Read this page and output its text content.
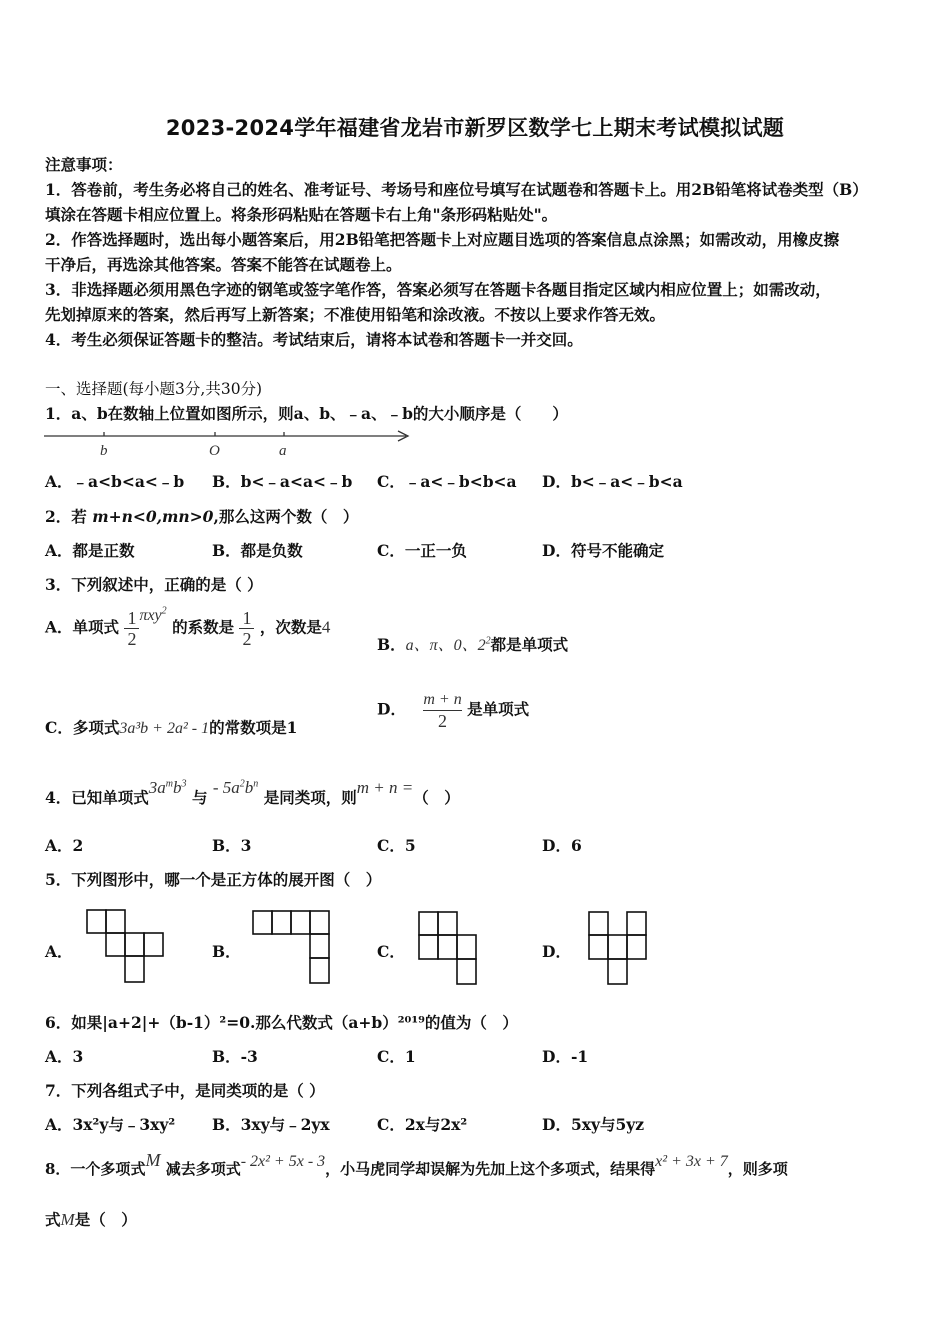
2023-2024学年福建省龙岩市新罗区数学七上期末考试模拟试题
注意事项：
1．答卷前，考生务必将自己的姓名、准考证号、考场号和座位号填写在试题卷和答题卡上。用2B铅笔将试卷类型（B）
填涂在答题卡相应位置上。将条形码粘贴在答题卡右上角"条形码粘贴处"。
2．作答选择题时，选出每小题答案后，用2B铅笔把答题卡上对应题目选项的答案信息点涂黑；如需改动，用橡皮擦
干净后，再选涂其他答案。答案不能答在试题卷上。
3．非选择题必须用黑色字迹的钢笔或签字笔作答，答案必须写在答题卡各题目指定区域内相应位置上；如需改动，
先划掉原来的答案，然后再写上新答案；不准使用铅笔和涂改液。不按以上要求作答无效。
4．考生必须保证答题卡的整洁。考试结束后，请将本试卷和答题卡一并交回。
一、选择题(每小题3分,共30分)
1．a、b在数轴上位置如图所示，则a、b、﹣a、﹣b的大小顺序是（　　）
b	O	a
A．﹣a<b<a<﹣b B．b<﹣a<a<﹣b C．﹣a<﹣b<b<a D．b<﹣a<﹣b<a
2．若 m+n<0,mn>0,那么这两个数（　）
A．都是正数	B．都是负数	C．一正一负	D．符号不能确定
3．下列叙述中，正确的是（ ）
A．单项式 $\frac{1}{2} \pi xy^2$ 的系数是 $\frac{1}{2}$ ，次数是4
B．a、π、0、$2^2$都是单项式
C．多项式3a³b + 2a² - 1的常数项是1
D． $\frac{m + n}{2}$ 是单项式
4．已知单项式$3a^mb^3$ 与 - $5a^2b^n$ 是同类项，则m + n =（　）
A．2	B．3	C．5	D．6
5．下列图形中，哪一个是正方体的展开图（　）
A．	B．	C．	D．
6．如果|a+2|+（b-1）²=0.那么代数式（a+b）²⁰¹⁹的值为（　）
A．3	B．-3	C．1	D．-1
7．下列各组式子中，是同类项的是（ ）
A．3x²y与﹣3xy² B．3xy与﹣2yx	C．2x与2x²	D．5xy与5yz
8．一个多项式M 减去多项式- 2x² + 5x - 3，小马虎同学却误解为先加上这个多项式，结果得x² + 3x + 7，则多项
式M是（　）
